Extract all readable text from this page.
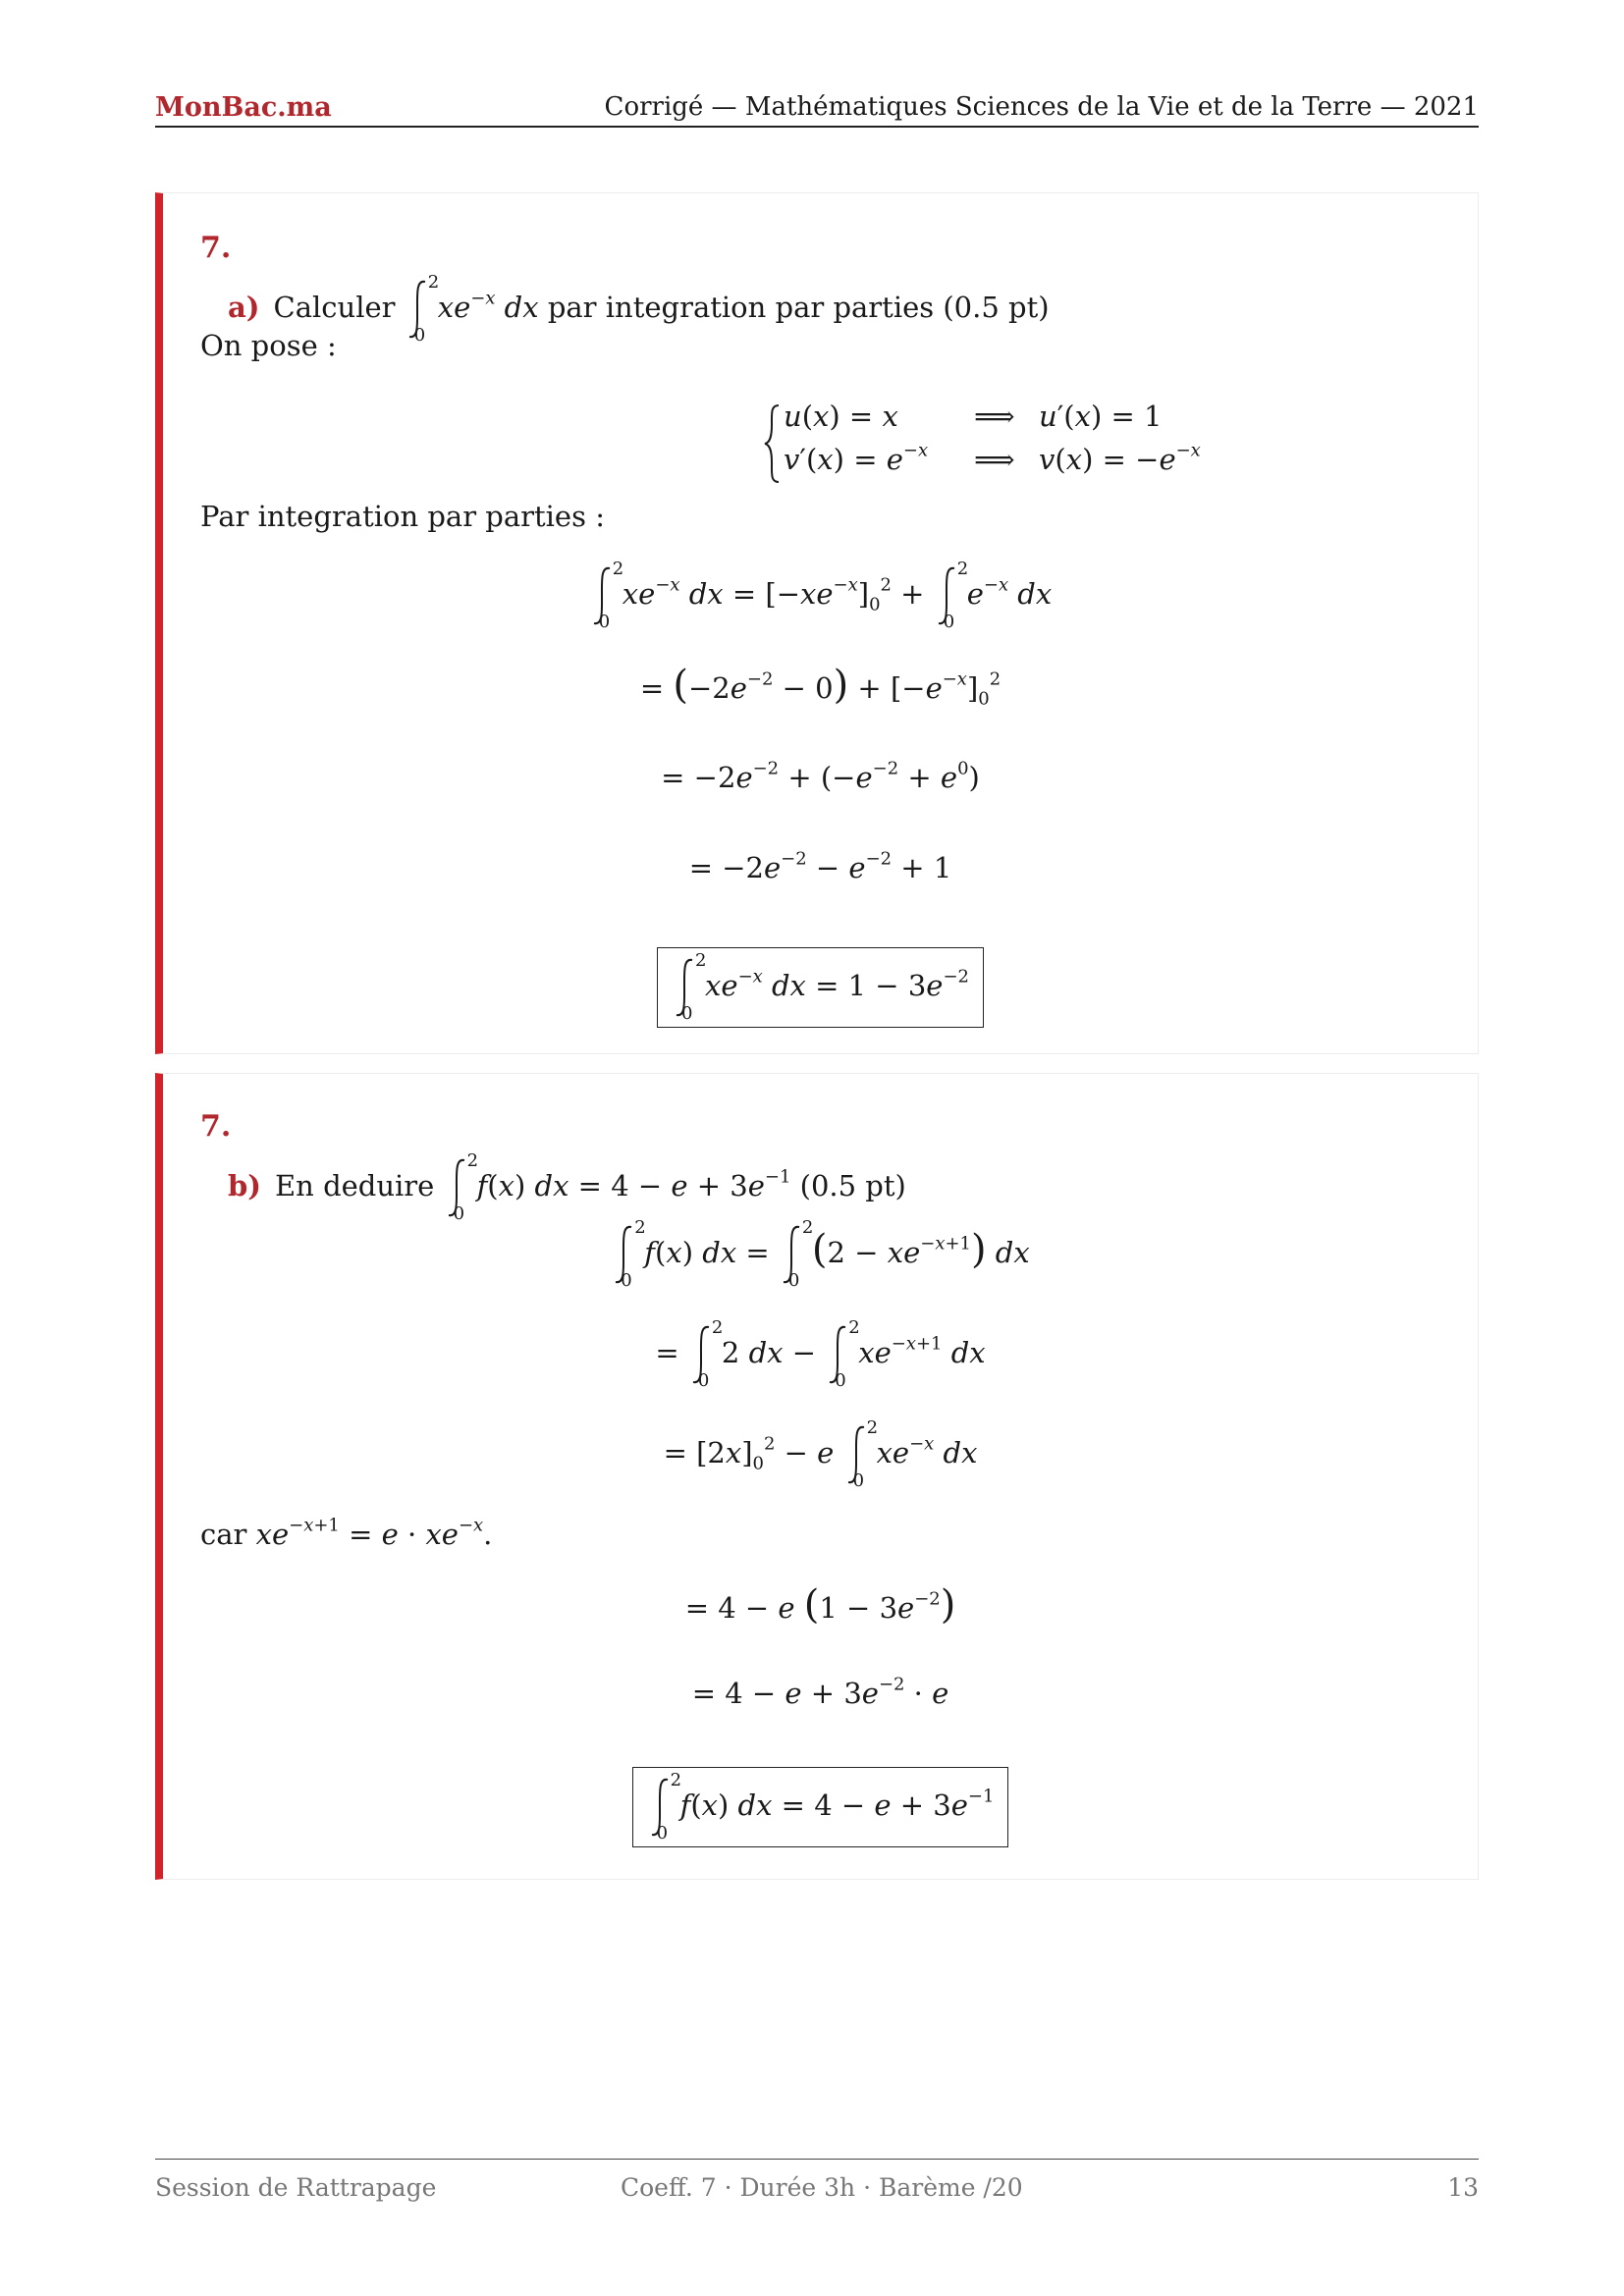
MonBac.ma	Corrigé — Mathématiques Sciences de la Vie et de la Terre — 2021
7.
a) Calculer
2
0
$xe^{-x}$ dx par integration par parties (0.5 pt)
On pose :
u(x) = x	⟹ u′(x) = 1
$v'(x) = e^{-x}$ ⟹ $v(x) = -e^{-x}$
Par integration par parties :
2
0
$xe^{-x}$ dx = $[-xe^{-x}]_0^2$ +
2
0
$e^{-x}$ dx
= $(-2e^{-2} - 0) + [-e^{-x}]_0^2$
= $-2e^{-2} + (-e^{-2} + e^0)$
= $-2e^{-2} - e^{-2} + 1$
2
0
$xe^{-x}$ dx = $1 - 3e^{-2}$
7.
b) En deduire
2
0
f(x) dx = $4 - e + 3e^{-1}$ (0.5 pt)
2
0
f(x) dx =
2
0
$(2 - xe^{-x+1})$ dx
=
2
0
2 dx −
2
0
$xe^{-x+1}$ dx
= $[2x]_0^2 - e$
2
0
$xe^{-x}$ dx
car $xe^{-x+1} = e \cdot xe^{-x}$.
= 4 − e $(1 - 3e^{-2})$
= $4 - e + 3e^{-2} \cdot e$
2
0
f(x) dx = $4 - e + 3e^{-1}$
Session de Rattrapage	Coeff. 7 · Durée 3h · Barème /20	13
